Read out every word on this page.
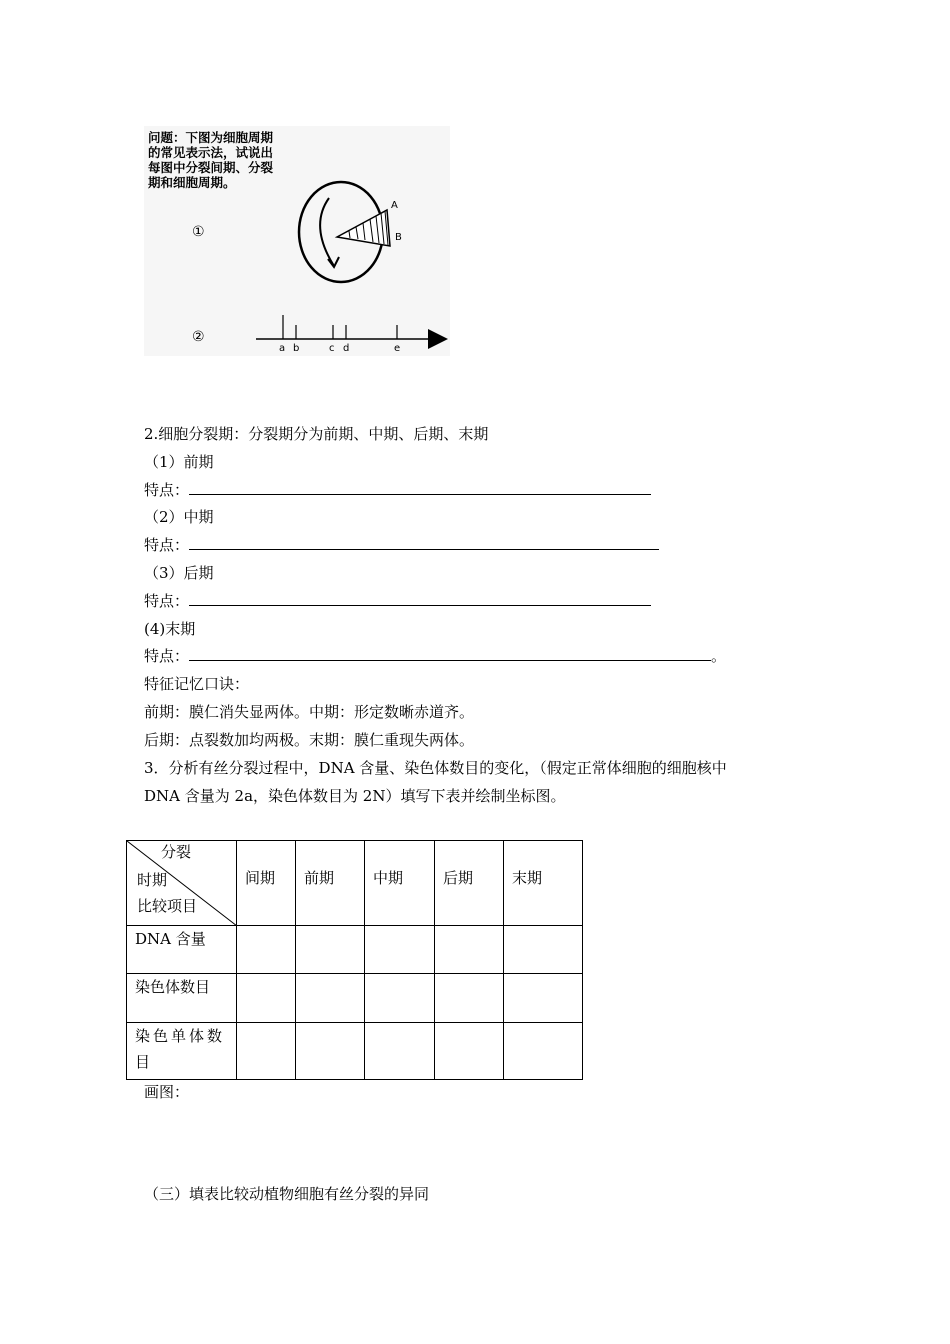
问题：下图为细胞周期
的常见表示法，试说出
每图中分裂间期、分裂
期和细胞周期。
①
②
A
B
a b	c d	e
2.细胞分裂期：分裂期分为前期、中期、后期、末期
（1）前期
特点：
（2）中期
特点：
（3）后期
特点：
(4)末期
特点：	。
特征记忆口诀：
前期：膜仁消失显两体。中期：形定数晰赤道齐。
后期：点裂数加均两极。末期：膜仁重现失两体。
3．分析有丝分裂过程中，DNA 含量、染色体数目的变化，（假定正常体细胞的细胞核中
DNA 含量为 2a，染色体数目为 2N）填写下表并绘制坐标图。
分裂
时期
比较项目	间期	前期	中期	后期	末期

DNA 含量					

染色体数目					

染色单体数目					

画图：
（三）填表比较动植物细胞有丝分裂的异同
